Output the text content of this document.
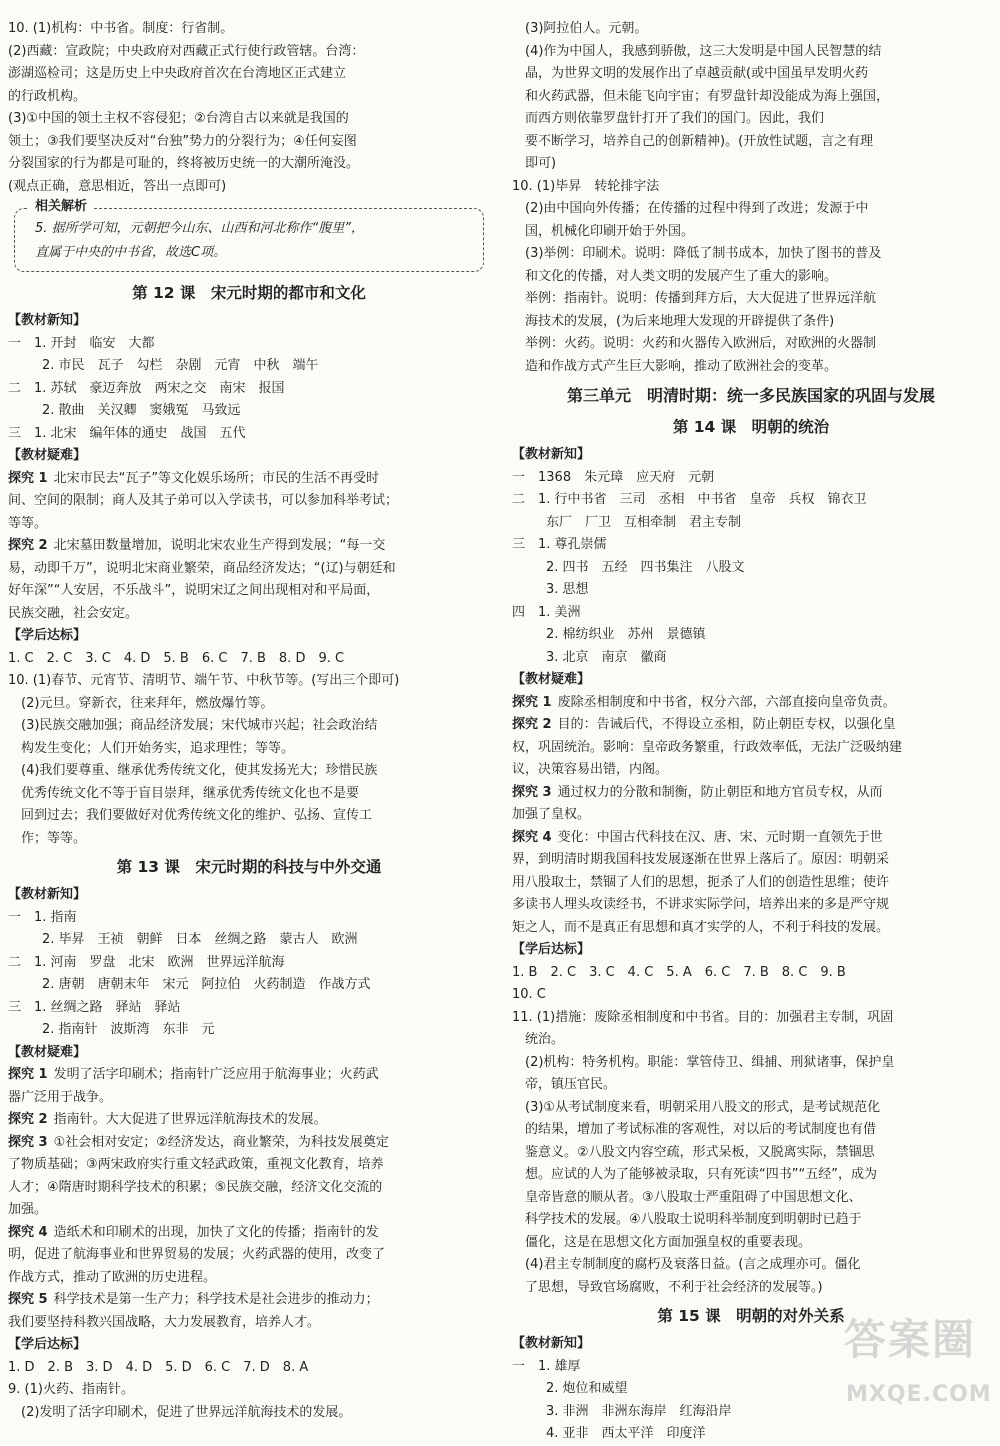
10. (1)机构：中书省。制度：行省制。
(2)西藏：宣政院；中央政府对西藏正式行使行政管辖。台湾：
澎湖巡检司；这是历史上中央政府首次在台湾地区正式建立
的行政机构。
(3)①中国的领土主权不容侵犯；②台湾自古以来就是我国的
领土；③我们要坚决反对“台独”势力的分裂行为；④任何妄图
分裂国家的行为都是可耻的，终将被历史统一的大潮所淹没。
(观点正确，意思相近，答出一点即可)
相关解析
5. 据所学可知，元朝把今山东、山西和河北称作“腹里”，
直属于中央的中书省，故选C项。
第 12 课　宋元时期的都市和文化
【教材新知】
一　1. 开封　临安　大都
2. 市民　瓦子　勾栏　杂剧　元宵　中秋　端午
二　1. 苏轼　豪迈奔放　两宋之交　南宋　报国
2. 散曲　关汉卿　窦娥冤　马致远
三　1. 北宋　编年体的通史　战国　五代
【教材疑难】
探究 1 北宋市民去“瓦子”等文化娱乐场所；市民的生活不再受时
间、空间的限制；商人及其子弟可以入学读书，可以参加科举考试；
等等。
探究 2 北宋墓田数量增加，说明北宋农业生产得到发展；“每一交
易，动即千万”，说明北宋商业繁荣，商品经济发达；“(辽)与朝廷和
好年深”“人安居，不乐战斗”，说明宋辽之间出现相对和平局面，
民族交融，社会安定。
【学后达标】
1. C　2. C　3. C　4. D　5. B　6. C　7. B　8. D　9. C
10. (1)春节、元宵节、清明节、端午节、中秋节等。(写出三个即可)
　(2)元旦。穿新衣，往来拜年，燃放爆竹等。
　(3)民族交融加强；商品经济发展；宋代城市兴起；社会政治结
　构发生变化；人们开始务实，追求理性；等等。
　(4)我们要尊重、继承优秀传统文化，使其发扬光大；珍惜民族
　优秀传统文化不等于盲目崇拜，继承优秀传统文化也不是要
　回到过去；我们要做好对优秀传统文化的维护、弘扬、宣传工
　作；等等。
第 13 课　宋元时期的科技与中外交通
【教材新知】
一　1. 指南
2. 毕昇　王祯　朝鲜　日本　丝绸之路　蒙古人　欧洲
二　1. 河南　罗盘　北宋　欧洲　世界远洋航海
2. 唐朝　唐朝末年　宋元　阿拉伯　火药制造　作战方式
三　1. 丝绸之路　驿站　驿站
2. 指南针　波斯湾　东非　元
【教材疑难】
探究 1 发明了活字印刷术；指南针广泛应用于航海事业；火药武
器广泛用于战争。
探究 2 指南针。大大促进了世界远洋航海技术的发展。
探究 3 ①社会相对安定；②经济发达，商业繁荣，为科技发展奠定
了物质基础；③两宋政府实行重文轻武政策，重视文化教育，培养
人才；④隋唐时期科学技术的积累；⑤民族交融，经济文化交流的
加强。
探究 4 造纸术和印刷术的出现，加快了文化的传播；指南针的发
明，促进了航海事业和世界贸易的发展；火药武器的使用，改变了
作战方式，推动了欧洲的历史进程。
探究 5 科学技术是第一生产力；科学技术是社会进步的推动力；
我们要坚持科教兴国战略，大力发展教育，培养人才。
【学后达标】
1. D　2. B　3. D　4. D　5. D　6. C　7. D　8. A
9. (1)火药、指南针。
　(2)发明了活字印刷术，促进了世界远洋航海技术的发展。
　(3)阿拉伯人。元朝。
　(4)作为中国人，我感到骄傲，这三大发明是中国人民智慧的结
　晶，为世界文明的发展作出了卓越贡献(或中国虽早发明火药
　和火药武器，但未能飞向宇宙；有罗盘针却没能成为海上强国，
　而西方则依靠罗盘针打开了我们的国门。因此，我们
　要不断学习，培养自己的创新精神)。(开放性试题，言之有理
　即可)
10. (1)毕昇　转轮排字法
　(2)由中国向外传播；在传播的过程中得到了改进；发源于中
　国，机械化印刷开始于外国。
　(3)举例：印刷术。说明：降低了制书成本，加快了图书的普及
　和文化的传播，对人类文明的发展产生了重大的影响。
　举例：指南针。说明：传播到拜方后，大大促进了世界远洋航
　海技术的发展，(为后来地理大发现的开辟提供了条件)
　举例：火药。说明：火药和火器传入欧洲后，对欧洲的火器制
　造和作战方式产生巨大影响，推动了欧洲社会的变革。
第三单元　明清时期：统一多民族国家的巩固与发展
第 14 课　明朝的统治
【教材新知】
一　1368　朱元璋　应天府　元朝
二　1. 行中书省　三司　丞相　中书省　皇帝　兵权　锦衣卫
东厂　厂卫　互相牵制　君主专制
三　1. 尊孔崇儒
2. 四书　五经　四书集注　八股文
3. 思想
四　1. 美洲
2. 棉纺织业　苏州　景德镇
3. 北京　南京　徽商
【教材疑难】
探究 1 废除丞相制度和中书省，权分六部，六部直接向皇帝负责。
探究 2 目的：告诫后代，不得设立丞相，防止朝臣专权，以强化皇
权，巩固统治。影响：皇帝政务繁重，行政效率低，无法广泛吸纳建
议，决策容易出错，内阁。
探究 3 通过权力的分散和制衡，防止朝臣和地方官员专权，从而
加强了皇权。
探究 4 变化：中国古代科技在汉、唐、宋、元时期一直领先于世
界，到明清时期我国科技发展逐渐在世界上落后了。原因：明朝采
用八股取士，禁锢了人们的思想，扼杀了人们的创造性思维；使许
多读书人埋头攻读经书，不讲求实际学问，培养出来的多是严守规
矩之人，而不是真正有思想和真才实学的人，不利于科技的发展。
【学后达标】
1. B　2. C　3. C　4. C　5. A　6. C　7. B　8. C　9. B
10. C
11. (1)措施：废除丞相制度和中书省。目的：加强君主专制，巩固
　统治。
　(2)机构：特务机构。职能：掌管侍卫、缉捕、刑狱诸事，保护皇
　帝，镇压官民。
　(3)①从考试制度来看，明朝采用八股文的形式，是考试规范化
　的结果，增加了考试标准的客观性，对以后的考试制度也有借
　鉴意义。②八股文内容空疏，形式呆板，又脱离实际，禁锢思
　想。应试的人为了能够被录取，只有死读“四书”“五经”，成为
　皇帝皆意的顺从者。③八股取士严重阻碍了中国思想文化、
　科学技术的发展。④八股取士说明科举制度到明朝时已趋于
　僵化，这是在思想文化方面加强皇权的重要表现。
　(4)君主专制制度的腐朽及衰落日益。(言之成理亦可。僵化
　了思想，导致官场腐败，不利于社会经济的发展等。)
第 15 课　明朝的对外关系
【教材新知】
一　1. 雄厚
2. 炮位和威望
3. 非洲　非洲东海岸　红海沿岸
4. 亚非　西太平洋　印度洋
答案圈
MXQE.COM
